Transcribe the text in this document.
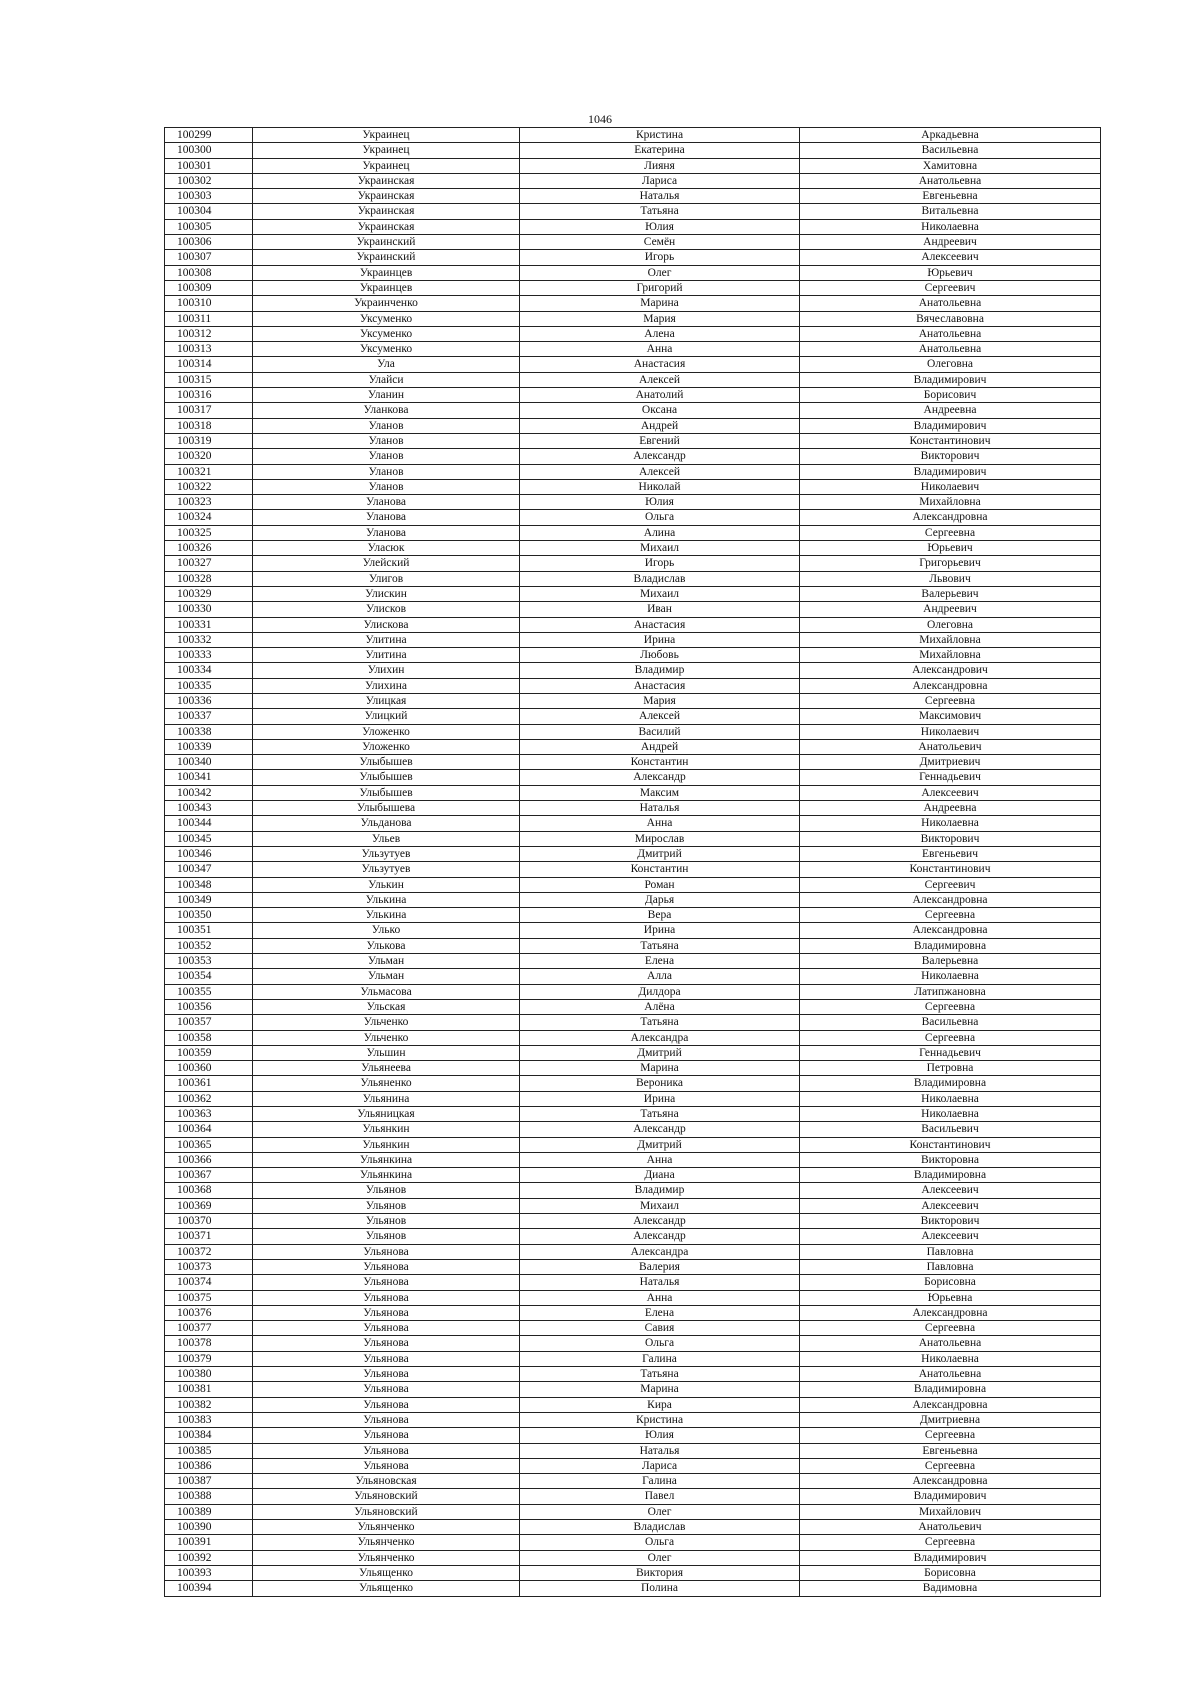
1046
100299	Украинец	Кристина	Аркадьевна
100300	Украинец	Екатерина	Васильевна
100301	Украинец	Лияня	Хамитовна
100302	Украинская	Лариса	Анатольевна
100303	Украинская	Наталья	Евгеньевна
100304	Украинская	Татьяна	Витальевна
100305	Украинская	Юлия	Николаевна
100306	Украинский	Семён	Андреевич
100307	Украинский	Игорь	Алексеевич
100308	Украинцев	Олег	Юрьевич
100309	Украинцев	Григорий	Сергеевич
100310	Украинченко	Марина	Анатольевна
100311	Уксуменко	Мария	Вячеславовна
100312	Уксуменко	Алена	Анатольевна
100313	Уксуменко	Анна	Анатольевна
100314	Ула	Анастасия	Олеговна
100315	Улайси	Алексей	Владимирович
100316	Уланин	Анатолий	Борисович
100317	Уланкова	Оксана	Андреевна
100318	Уланов	Андрей	Владимирович
100319	Уланов	Евгений	Константинович
100320	Уланов	Александр	Викторович
100321	Уланов	Алексей	Владимирович
100322	Уланов	Николай	Николаевич
100323	Уланова	Юлия	Михайловна
100324	Уланова	Ольга	Александровна
100325	Уланова	Алина	Сергеевна
100326	Уласюк	Михаил	Юрьевич
100327	Улейский	Игорь	Григорьевич
100328	Улигов	Владислав	Львович
100329	Улискин	Михаил	Валерьевич
100330	Улисков	Иван	Андреевич
100331	Улискова	Анастасия	Олеговна
100332	Улитина	Ирина	Михайловна
100333	Улитина	Любовь	Михайловна
100334	Улихин	Владимир	Александрович
100335	Улихина	Анастасия	Александровна
100336	Улицкая	Мария	Сергеевна
100337	Улицкий	Алексей	Максимович
100338	Уложенко	Василий	Николаевич
100339	Уложенко	Андрей	Анатольевич
100340	Улыбышев	Константин	Дмитриевич
100341	Улыбышев	Александр	Геннадьевич
100342	Улыбышев	Максим	Алексеевич
100343	Улыбышева	Наталья	Андреевна
100344	Ульданова	Анна	Николаевна
100345	Ульев	Мирослав	Викторович
100346	Ульзутуев	Дмитрий	Евгеньевич
100347	Ульзутуев	Константин	Константинович
100348	Улькин	Роман	Сергеевич
100349	Улькина	Дарья	Александровна
100350	Улькина	Вера	Сергеевна
100351	Улько	Ирина	Александровна
100352	Улькова	Татьяна	Владимировна
100353	Ульман	Елена	Валерьевна
100354	Ульман	Алла	Николаевна
100355	Ульмасова	Дилдора	Латипжановна
100356	Ульская	Алёна	Сергеевна
100357	Ульченко	Татьяна	Васильевна
100358	Ульченко	Александра	Сергеевна
100359	Ульшин	Дмитрий	Геннадьевич
100360	Ульянеева	Марина	Петровна
100361	Ульяненко	Вероника	Владимировна
100362	Ульянина	Ирина	Николаевна
100363	Ульяницкая	Татьяна	Николаевна
100364	Ульянкин	Александр	Васильевич
100365	Ульянкин	Дмитрий	Константинович
100366	Ульянкина	Анна	Викторовна
100367	Ульянкина	Диана	Владимировна
100368	Ульянов	Владимир	Алексеевич
100369	Ульянов	Михаил	Алексеевич
100370	Ульянов	Александр	Викторович
100371	Ульянов	Александр	Алексеевич
100372	Ульянова	Александра	Павловна
100373	Ульянова	Валерия	Павловна
100374	Ульянова	Наталья	Борисовна
100375	Ульянова	Анна	Юрьевна
100376	Ульянова	Елена	Александровна
100377	Ульянова	Савия	Сергеевна
100378	Ульянова	Ольга	Анатольевна
100379	Ульянова	Галина	Николаевна
100380	Ульянова	Татьяна	Анатольевна
100381	Ульянова	Марина	Владимировна
100382	Ульянова	Кира	Александровна
100383	Ульянова	Кристина	Дмитриевна
100384	Ульянова	Юлия	Сергеевна
100385	Ульянова	Наталья	Евгеньевна
100386	Ульянова	Лариса	Сергеевна
100387	Ульяновская	Галина	Александровна
100388	Ульяновский	Павел	Владимирович
100389	Ульяновский	Олег	Михайлович
100390	Ульянченко	Владислав	Анатольевич
100391	Ульянченко	Ольга	Сергеевна
100392	Ульянченко	Олег	Владимирович
100393	Ульященко	Виктория	Борисовна
100394	Ульященко	Полина	Вадимовна
